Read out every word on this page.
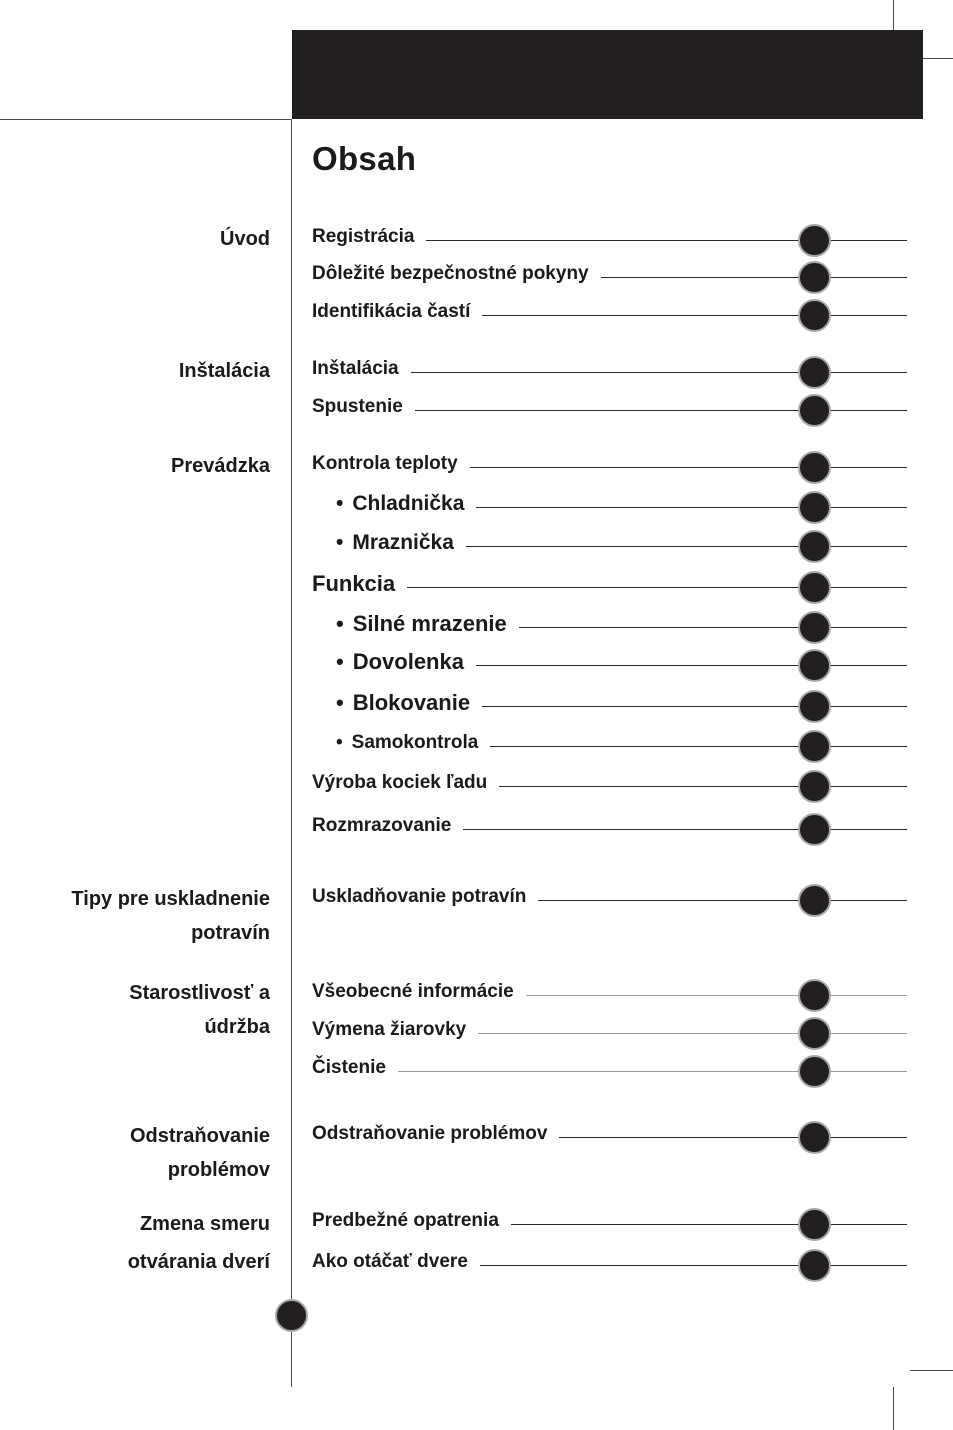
Obsah
Úvod
Inštalácia
Prevádzka
Tipy pre uskladnenie
potravín
Starostlivosť a
údržba
Odstraňovanie
problémov
Zmena smeru
otvárania dverí
Registrácia
Dôležité bezpečnostné pokyny
Identifikácia častí
Inštalácia
Spustenie
Kontrola teploty
• Chladnička
• Mraznička
Funkcia
• Silné mrazenie
• Dovolenka
• Blokovanie
• Samokontrola
Výroba kociek ľadu
Rozmrazovanie
Uskladňovanie potravín
Všeobecné informácie
Výmena žiarovky
Čistenie
Odstraňovanie problémov
Predbežné opatrenia
Ako otáčať dvere
